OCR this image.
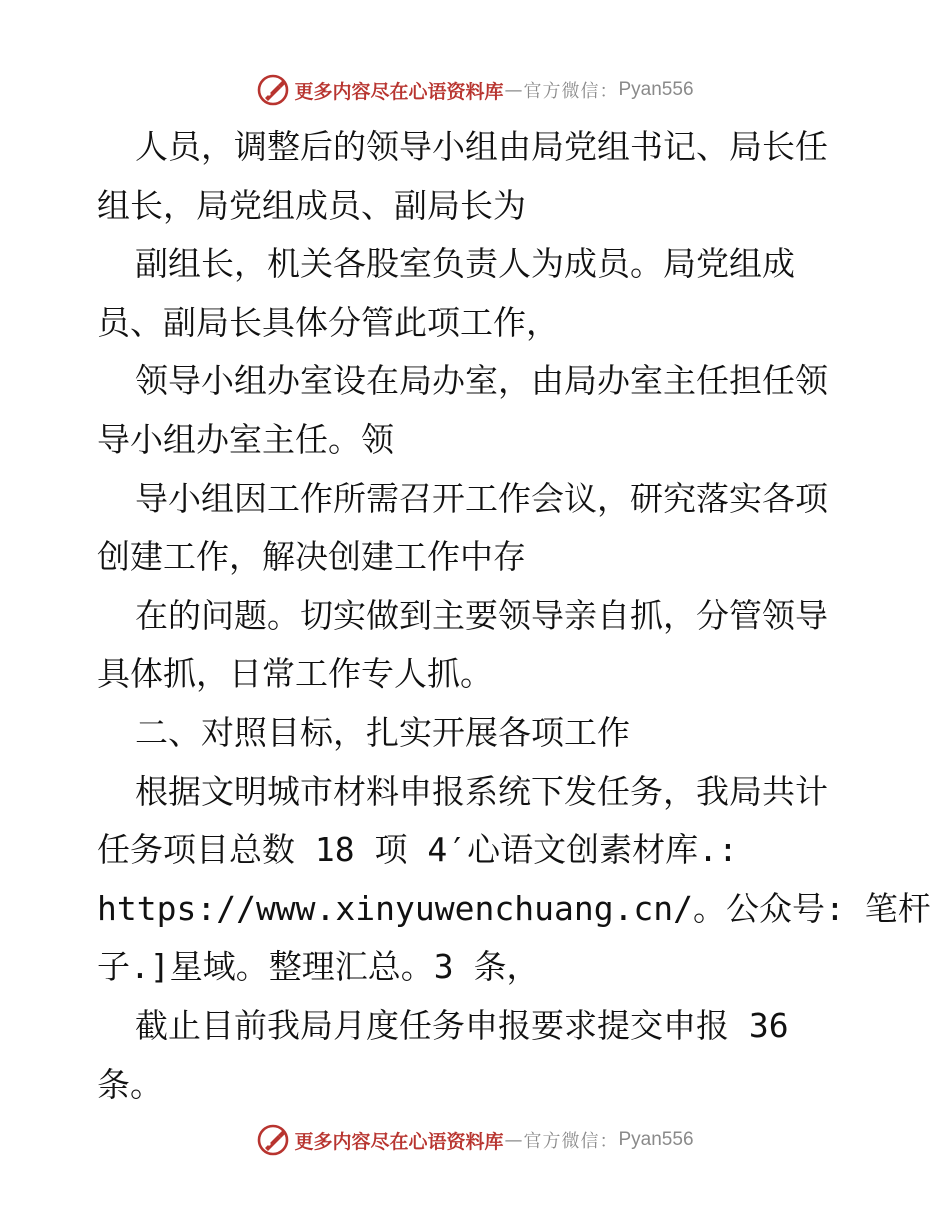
更多内容尽在心语资料库 — 官方微信： Pyan556
人员，调整后的领导小组由局党组书记、局长任
组长，局党组成员、副局长为
副组长，机关各股室负责人为成员。局党组成
员、副局长具体分管此项工作，
领导小组办室设在局办室，由局办室主任担任领
导小组办室主任。领
导小组因工作所需召开工作会议，研究落实各项
创建工作，解决创建工作中存
在的问题。切实做到主要领导亲自抓，分管领导
具体抓，日常工作专人抓。
二、对照目标，扎实开展各项工作
根据文明城市材料申报系统下发任务，我局共计
任务项目总数 18 项 4′心语文创素材库.:
https://www.xinyuwenchuang.cn/。公众号: 笔杆
子.]星域。整理汇总。3 条，
截止目前我局月度任务申报要求提交申报 36
条。
更多内容尽在心语资料库 — 官方微信： Pyan556
